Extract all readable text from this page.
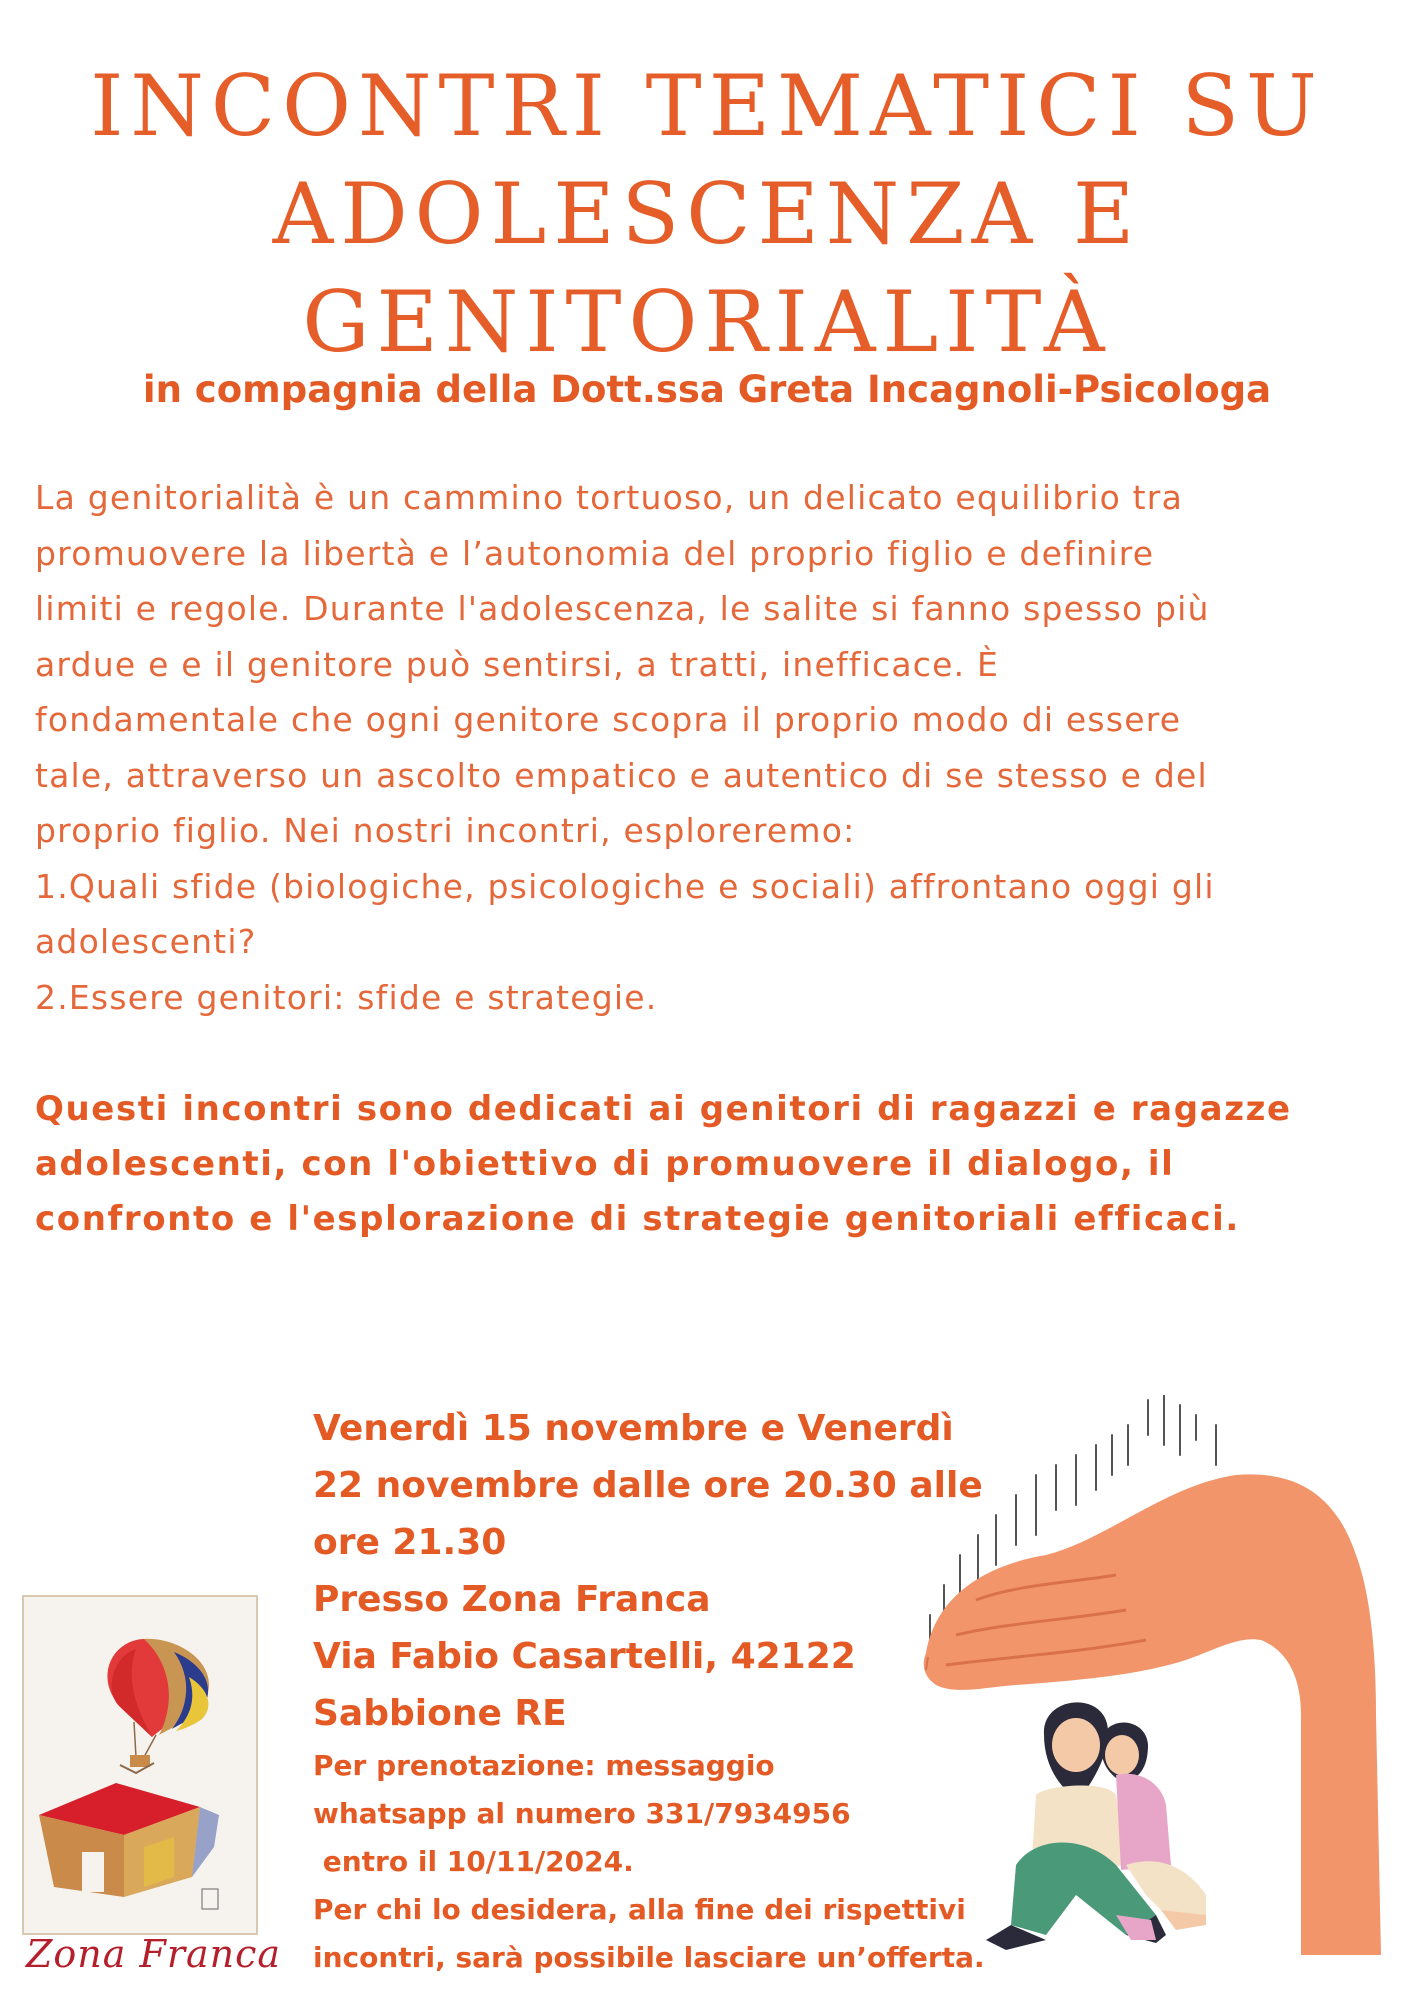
INCONTRI TEMATICI SU
ADOLESCENZA E
GENITORIALITÀ
in compagnia della Dott.ssa Greta Incagnoli-Psicologa
La genitorialità è un cammino tortuoso, un delicato equilibrio tra
promuovere la libertà e l’autonomia del proprio figlio e definire
limiti e regole. Durante l'adolescenza, le salite si fanno spesso più
ardue e e il genitore può sentirsi, a tratti, inefficace. È
fondamentale che ogni genitore scopra il proprio modo di essere
tale, attraverso un ascolto empatico e autentico di se stesso e del
proprio figlio. Nei nostri incontri, esploreremo:
1.Quali sfide (biologiche, psicologiche e sociali) affrontano oggi gli
adolescenti?
2.Essere genitori: sfide e strategie.
Questi incontri sono dedicati ai genitori di ragazzi e ragazze
adolescenti, con l'obiettivo di promuovere il dialogo, il
confronto e l'esplorazione di strategie genitoriali efficaci.
Venerdì 15 novembre e Venerdì
22 novembre dalle ore 20.30 alle
ore 21.30
Presso Zona Franca
Via Fabio Casartelli, 42122
Sabbione RE
Per prenotazione: messaggio
whatsapp al numero 331/7934956
entro il 10/11/2024.
Per chi lo desidera, alla fine dei rispettivi
incontri, sarà possibile lasciare un’offerta.
Zona Franca
